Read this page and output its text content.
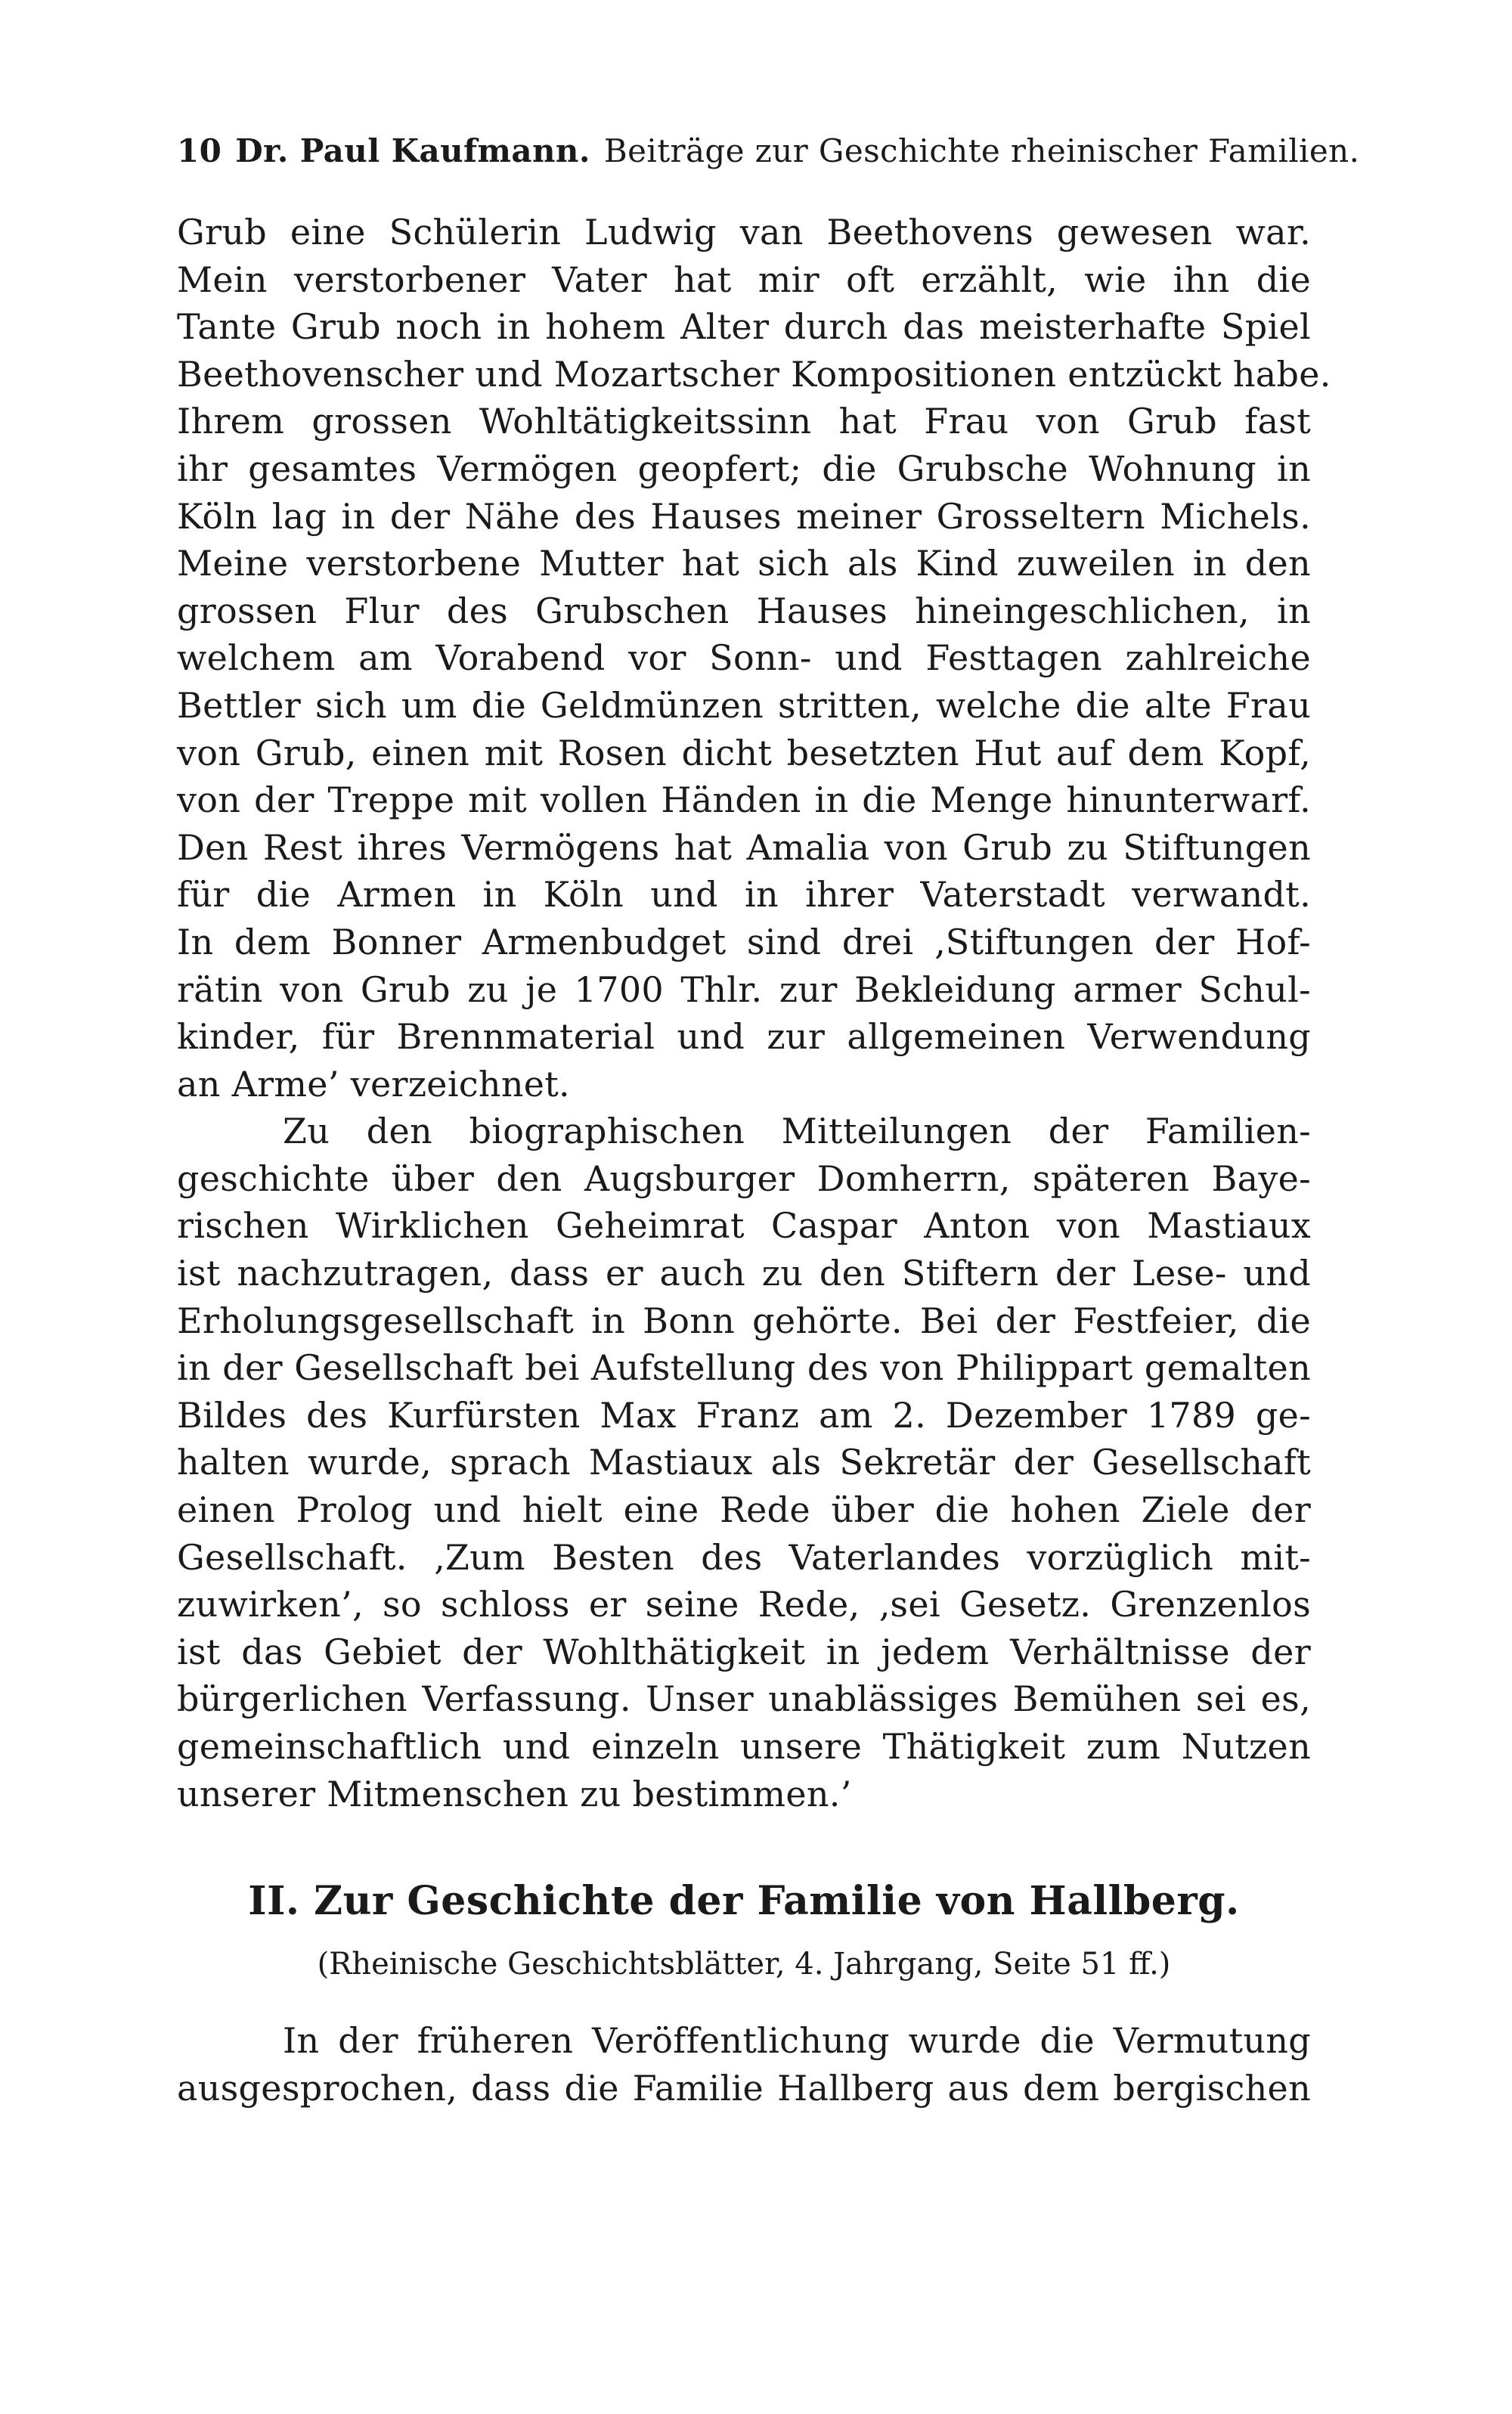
10 Dr. Paul Kaufmann. Beiträge zur Geschichte rheinischer Familien.
Grub eine Schülerin Ludwig van Beethovens gewesen war.
Mein verstorbener Vater hat mir oft erzählt, wie ihn die
Tante Grub noch in hohem Alter durch das meisterhafte Spiel
Beethovenscher und Mozartscher Kompositionen entzückt habe.
Ihrem grossen Wohltätigkeitssinn hat Frau von Grub fast
ihr gesamtes Vermögen geopfert; die Grubsche Wohnung in
Köln lag in der Nähe des Hauses meiner Grosseltern Michels.
Meine verstorbene Mutter hat sich als Kind zuweilen in den
grossen Flur des Grubschen Hauses hineingeschlichen, in
welchem am Vorabend vor Sonn- und Festtagen zahlreiche
Bettler sich um die Geldmünzen stritten, welche die alte Frau
von Grub, einen mit Rosen dicht besetzten Hut auf dem Kopf,
von der Treppe mit vollen Händen in die Menge hinunterwarf.
Den Rest ihres Vermögens hat Amalia von Grub zu Stiftungen
für die Armen in Köln und in ihrer Vaterstadt verwandt.
In dem Bonner Armenbudget sind drei ‚Stiftungen der Hof-
rätin von Grub zu je 1700 Thlr. zur Bekleidung armer Schul-
kinder, für Brennmaterial und zur allgemeinen Verwendung
an Arme’ verzeichnet.
Zu den biographischen Mitteilungen der Familien-
geschichte über den Augsburger Domherrn, späteren Baye-
rischen Wirklichen Geheimrat Caspar Anton von Mastiaux
ist nachzutragen, dass er auch zu den Stiftern der Lese- und
Erholungsgesellschaft in Bonn gehörte. Bei der Festfeier, die
in der Gesellschaft bei Aufstellung des von Philippart gemalten
Bildes des Kurfürsten Max Franz am 2. Dezember 1789 ge-
halten wurde, sprach Mastiaux als Sekretär der Gesellschaft
einen Prolog und hielt eine Rede über die hohen Ziele der
Gesellschaft. ‚Zum Besten des Vaterlandes vorzüglich mit-
zuwirken’, so schloss er seine Rede, ‚sei Gesetz. Grenzenlos
ist das Gebiet der Wohlthätigkeit in jedem Verhältnisse der
bürgerlichen Verfassung. Unser unablässiges Bemühen sei es,
gemeinschaftlich und einzeln unsere Thätigkeit zum Nutzen
unserer Mitmenschen zu bestimmen.’
II. Zur Geschichte der Familie von Hallberg.
(Rheinische Geschichtsblätter, 4. Jahrgang, Seite 51 ff.)
In der früheren Veröffentlichung wurde die Vermutung
ausgesprochen, dass die Familie Hallberg aus dem bergischen
